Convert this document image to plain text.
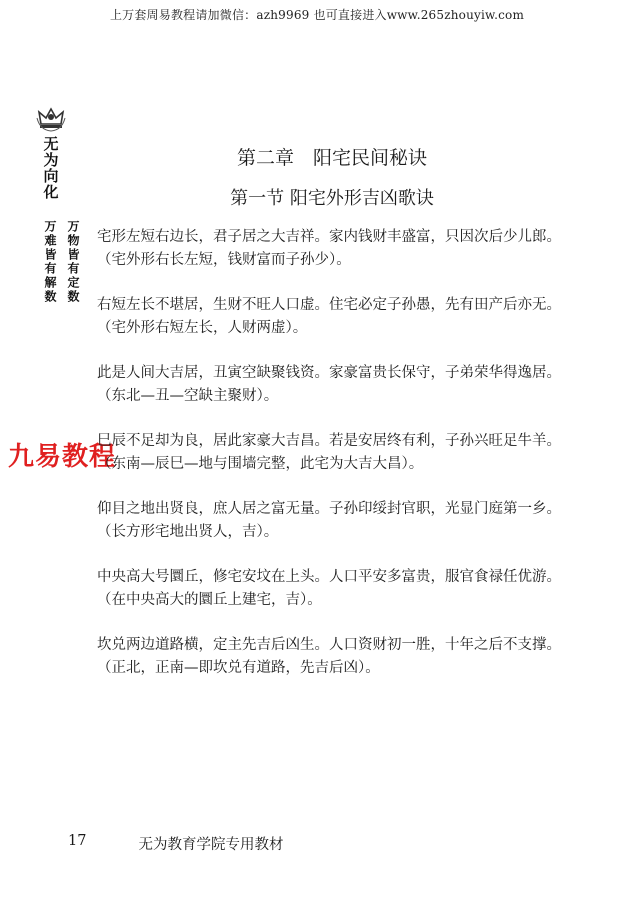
上万套周易教程请加微信：azh9969 也可直接进入www.265zhouyiw.com
无为向化
万物皆有定数
万难皆有解数
九易教程
第二章　阳宅民间秘诀
第一节 阳宅外形吉凶歌诀

宅形左短右边长，君子居之大吉祥。家内钱财丰盛富，只因次后少儿郎。

（宅外形右长左短，钱财富而子孙少）。

右短左长不堪居，生财不旺人口虚。住宅必定子孙愚，先有田产后亦无。

（宅外形右短左长，人财两虚）。

此是人间大吉居，丑寅空缺聚钱资。家豪富贵长保守，子弟荣华得逸居。

（东北—丑—空缺主聚财）。

巳辰不足却为良，居此家豪大吉昌。若是安居终有利，子孙兴旺足牛羊。

（东南—辰巳—地与围墙完整，此宅为大吉大昌）。

仰目之地出贤良，庶人居之富无量。子孙印绥封官职，光显门庭第一乡。

（长方形宅地出贤人，吉）。

中央高大号圜丘，修宅安坟在上头。人口平安多富贵，服官食禄任优游。

（在中央高大的圜丘上建宅，吉）。

坎兑两边道路横，定主先吉后凶生。人口资财初一胜，十年之后不支撑。

（正北，正南—即坎兑有道路，先吉后凶）。

17	无为教育学院专用教材
